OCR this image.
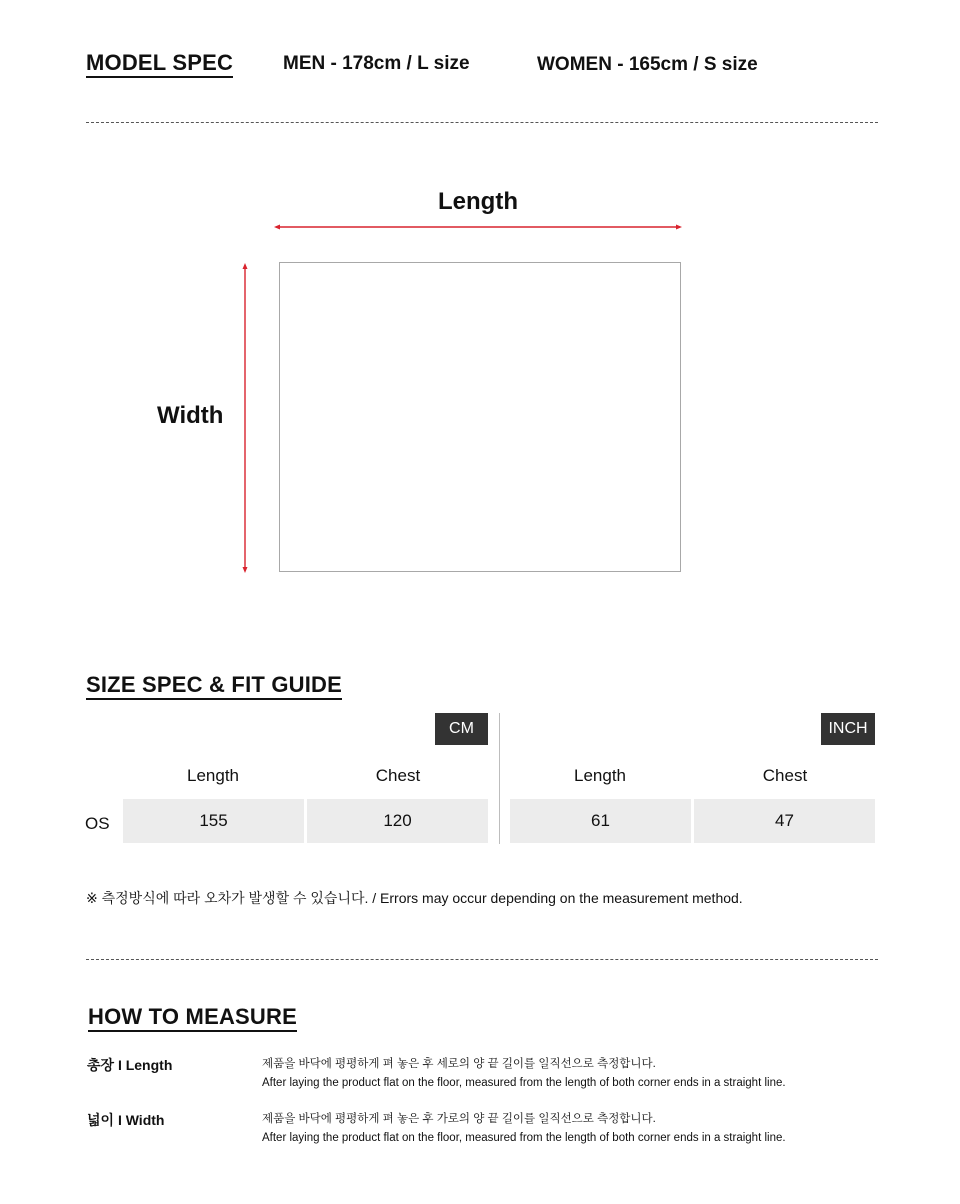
MODEL SPEC	MEN - 178cm / L size	WOMEN - 165cm / S size
Length
Width
SIZE SPEC & FIT GUIDE
CM	INCH
Length	Chest	Length	Chest
OS	155	120	61	47
※ 측정방식에 따라 오차가 발생할 수 있습니다. / Errors may occur depending on the measurement method.
HOW TO MEASURE
총장 I Length	제품을 바닥에 평평하게 펴 놓은 후 세로의 양 끝 길이를 일직선으로 측정합니다.
After laying the product flat on the floor, measured from the length of both corner ends in a straight line.
넓이 I Width	제품을 바닥에 평평하게 펴 놓은 후 가로의 양 끝 길이를 일직선으로 측정합니다.
After laying the product flat on the floor, measured from the length of both corner ends in a straight line.
